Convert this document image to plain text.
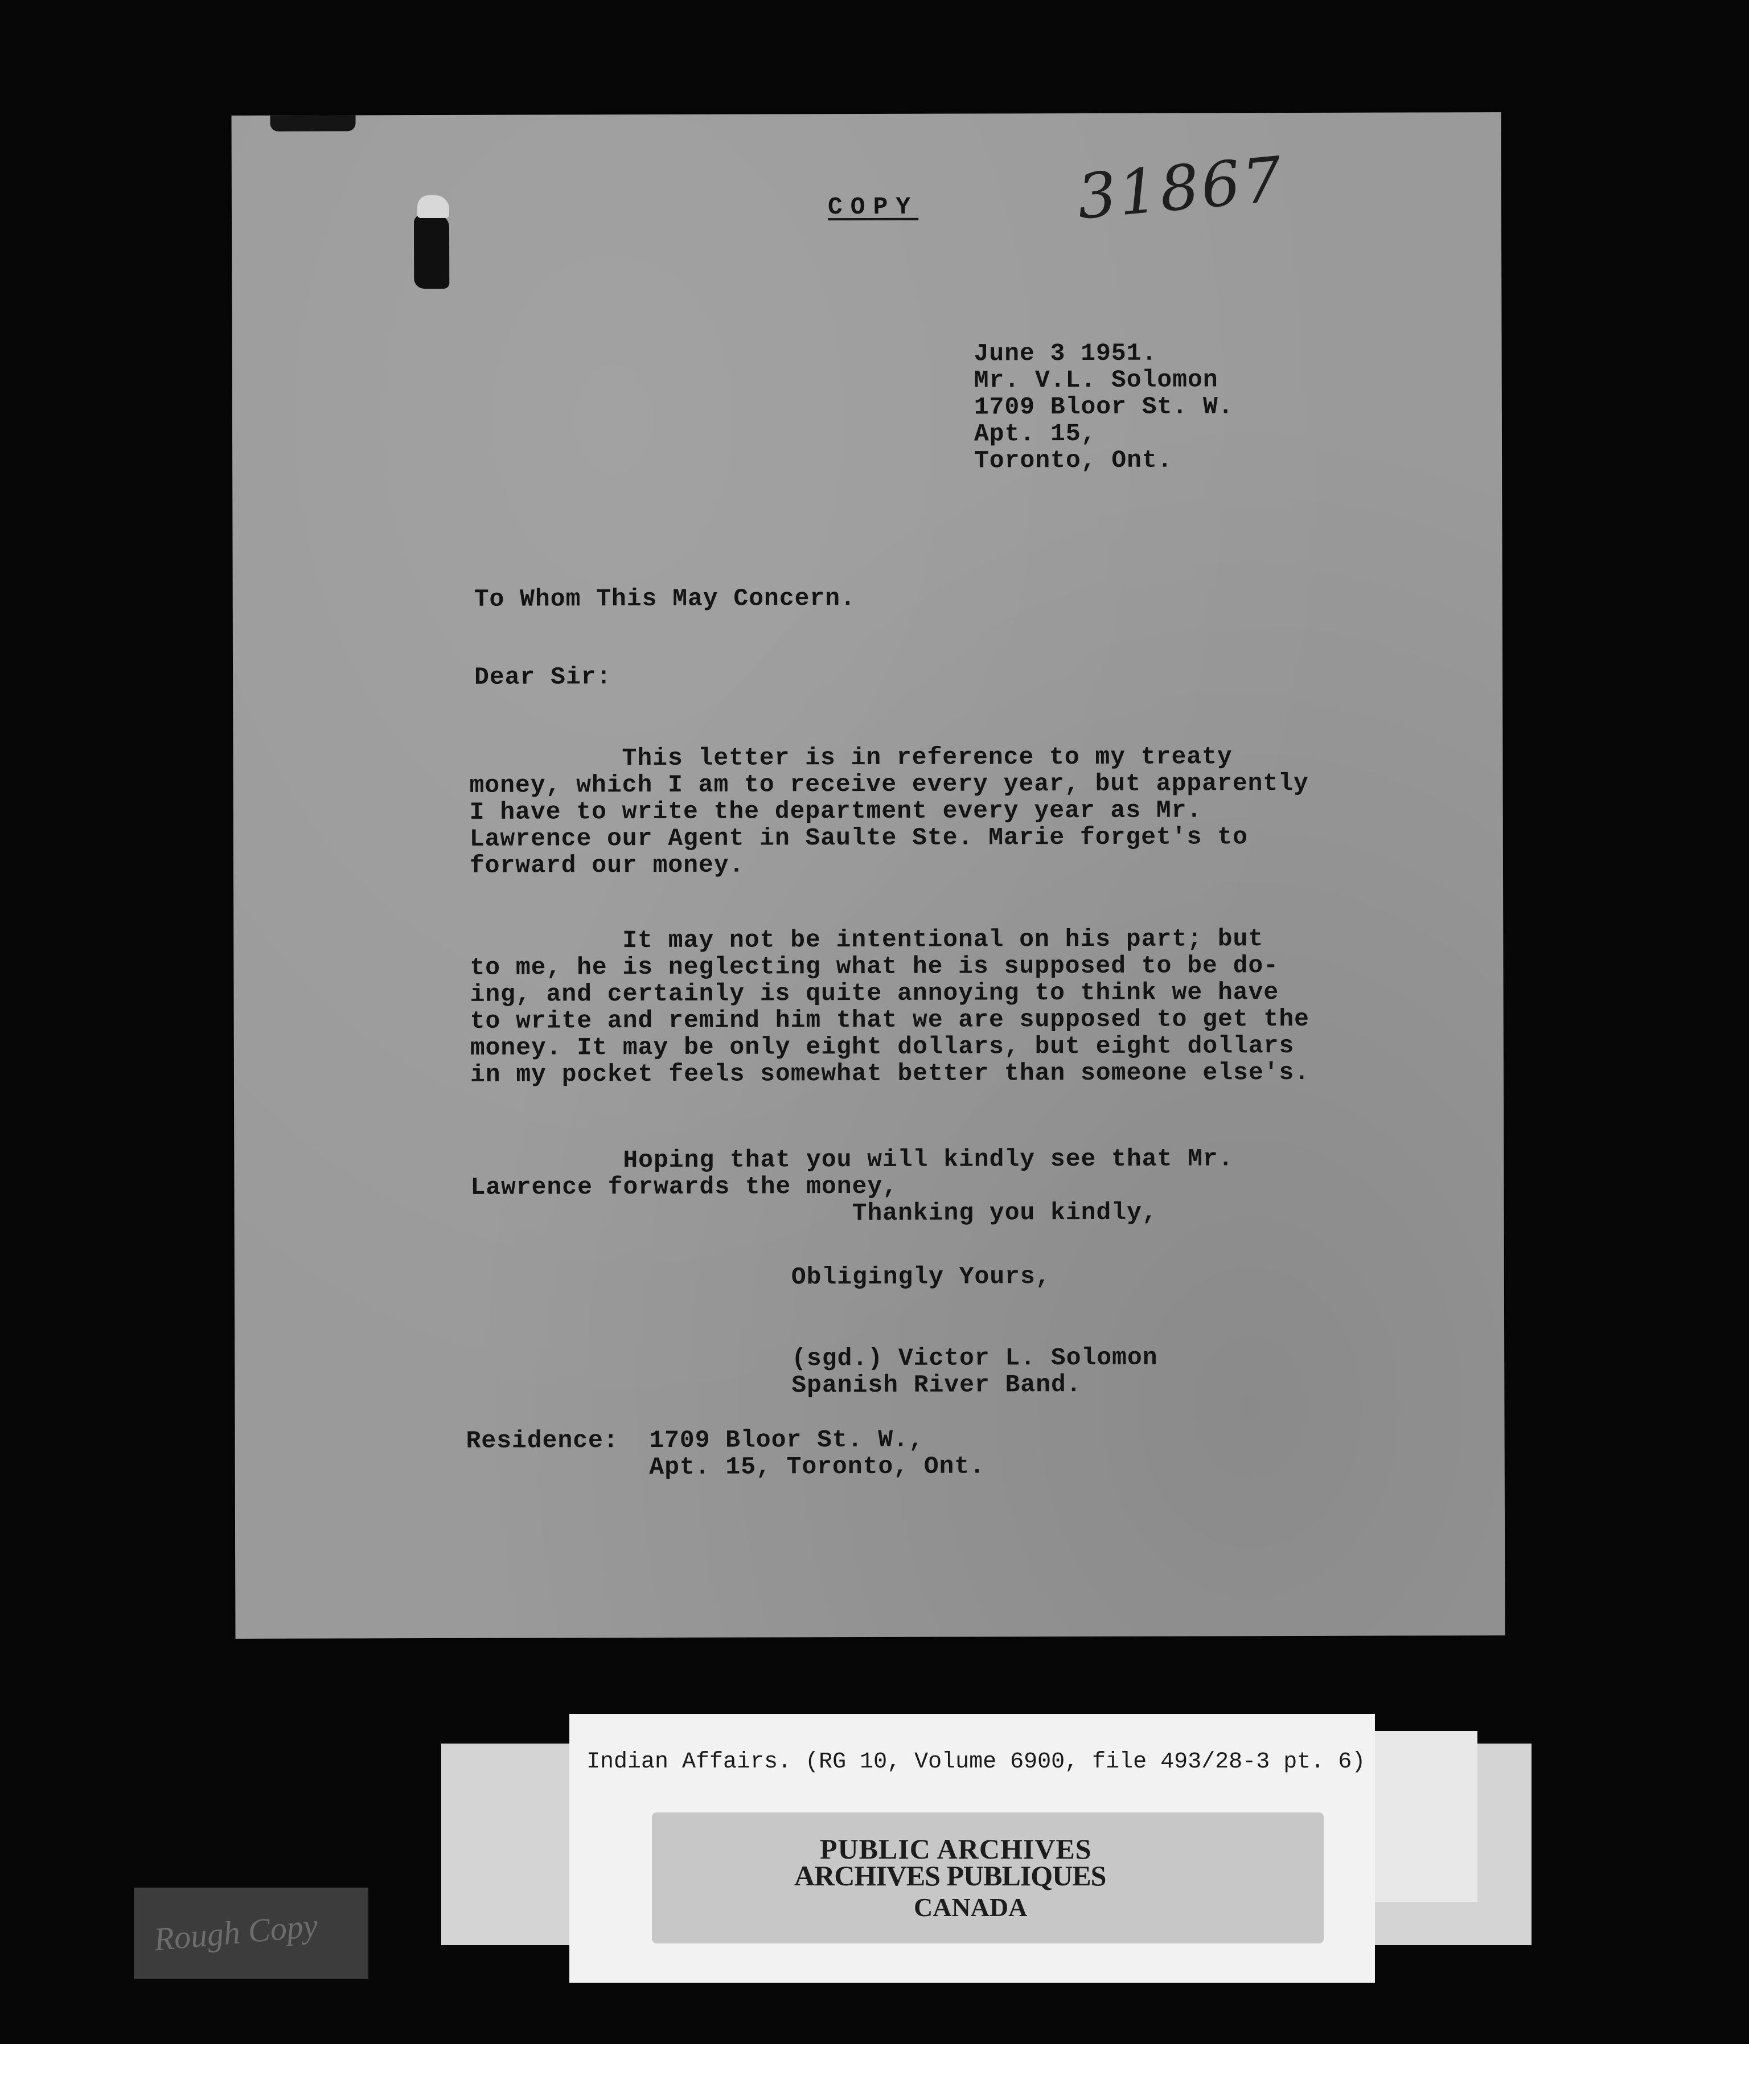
31867
COPY
June 3 1951.
Mr. V.L. Solomon
1709 Bloor St. W.
Apt. 15,
Toronto, Ont.
To Whom This May Concern.
Dear Sir:
This letter is in reference to my treaty
money, which I am to receive every year, but apparently
I have to write the department every year as Mr.
Lawrence our Agent in Saulte Ste. Marie forget's to
forward our money.
It may not be intentional on his part; but
to me, he is neglecting what he is supposed to be do-
ing, and certainly is quite annoying to think we have
to write and remind him that we are supposed to get the
money. It may be only eight dollars, but eight dollars
in my pocket feels somewhat better than someone else's.
Hoping that you will kindly see that Mr.
Lawrence forwards the money,
Thanking you kindly,
Obligingly Yours,
(sgd.) Victor L. Solomon
Spanish River Band.
Residence:  1709 Bloor St. W.,
Apt. 15, Toronto, Ont.
Indian Affairs. (RG 10, Volume 6900, file 493/28-3 pt. 6)
PUBLIC ARCHIVES
ARCHIVES PUBLIQUES
CANADA
Rough Copy
